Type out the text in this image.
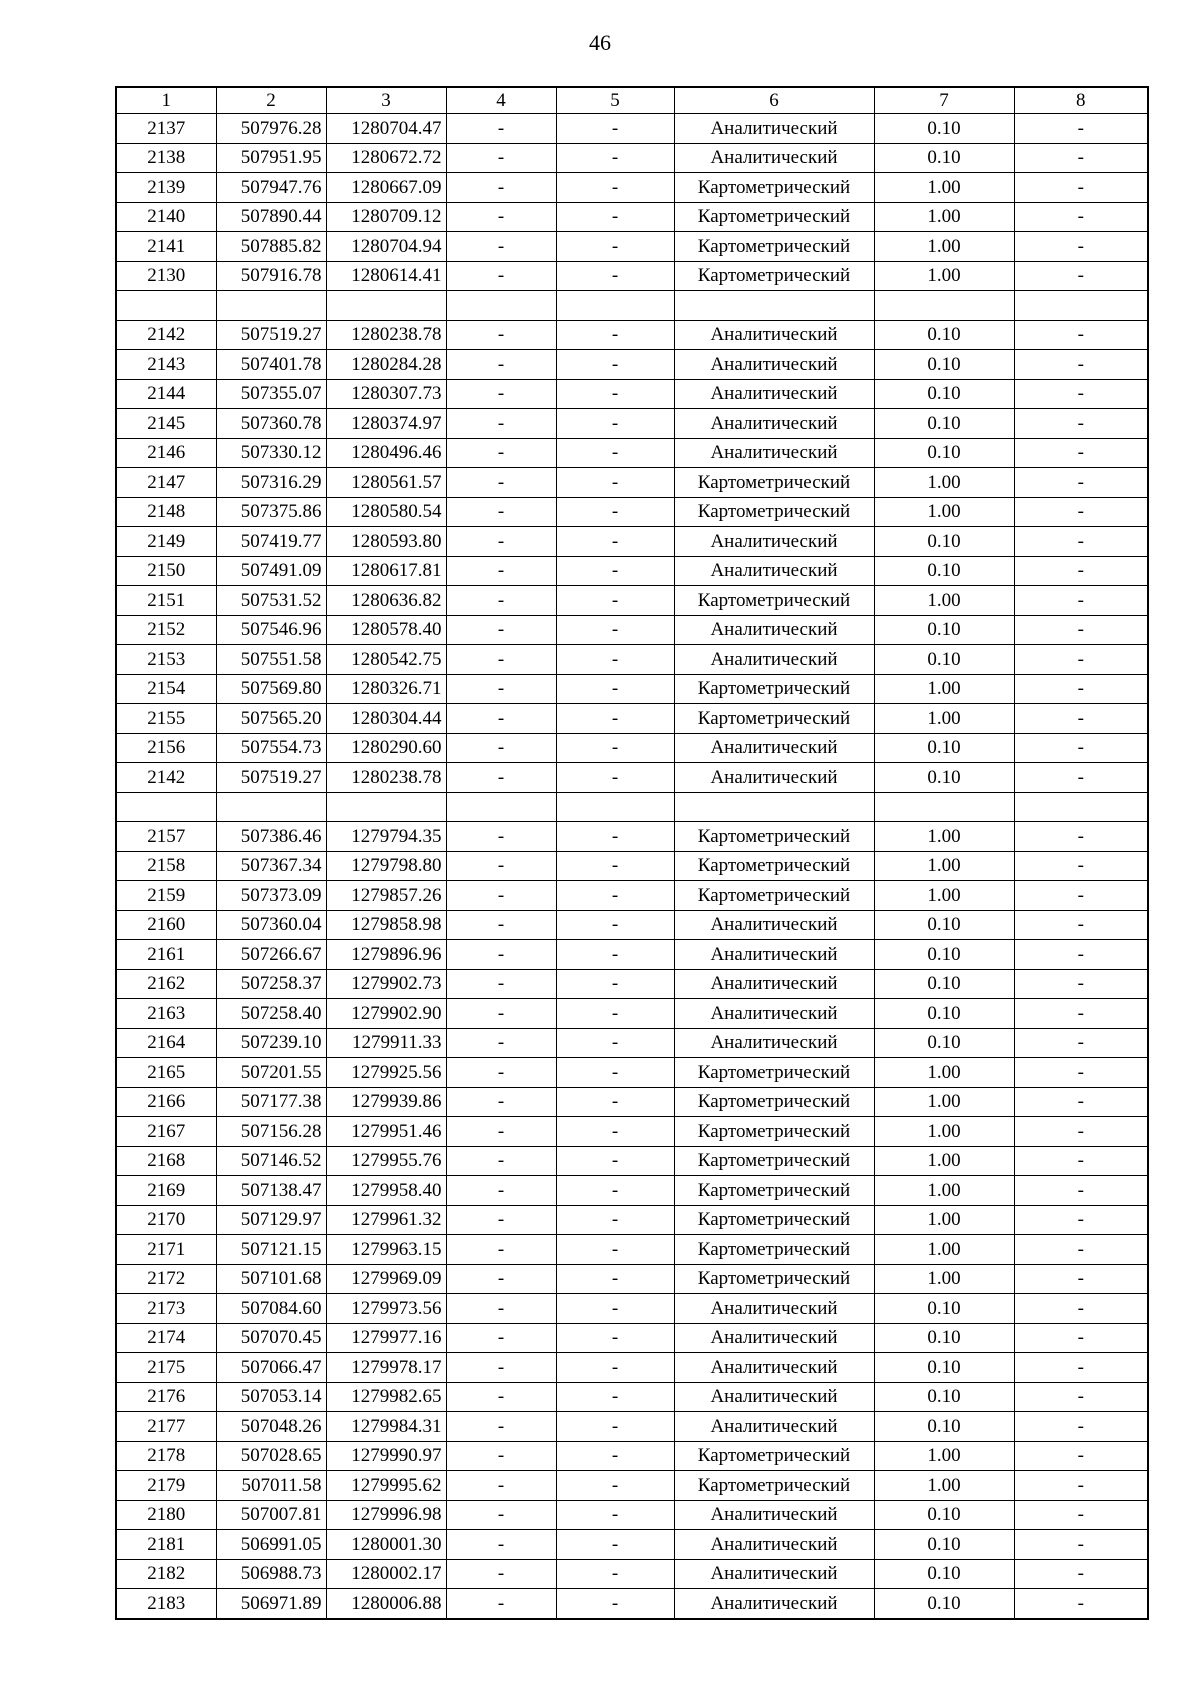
46
1	2	3	4	5	6	7	8
2137	507976.28	1280704.47	-	-	Аналитический	0.10	-
2138	507951.95	1280672.72	-	-	Аналитический	0.10	-
2139	507947.76	1280667.09	-	-	Картометрический	1.00	-
2140	507890.44	1280709.12	-	-	Картометрический	1.00	-
2141	507885.82	1280704.94	-	-	Картометрический	1.00	-
2130	507916.78	1280614.41	-	-	Картометрический	1.00	-

2142	507519.27	1280238.78	-	-	Аналитический	0.10	-
2143	507401.78	1280284.28	-	-	Аналитический	0.10	-
2144	507355.07	1280307.73	-	-	Аналитический	0.10	-
2145	507360.78	1280374.97	-	-	Аналитический	0.10	-
2146	507330.12	1280496.46	-	-	Аналитический	0.10	-
2147	507316.29	1280561.57	-	-	Картометрический	1.00	-
2148	507375.86	1280580.54	-	-	Картометрический	1.00	-
2149	507419.77	1280593.80	-	-	Аналитический	0.10	-
2150	507491.09	1280617.81	-	-	Аналитический	0.10	-
2151	507531.52	1280636.82	-	-	Картометрический	1.00	-
2152	507546.96	1280578.40	-	-	Аналитический	0.10	-
2153	507551.58	1280542.75	-	-	Аналитический	0.10	-
2154	507569.80	1280326.71	-	-	Картометрический	1.00	-
2155	507565.20	1280304.44	-	-	Картометрический	1.00	-
2156	507554.73	1280290.60	-	-	Аналитический	0.10	-
2142	507519.27	1280238.78	-	-	Аналитический	0.10	-

2157	507386.46	1279794.35	-	-	Картометрический	1.00	-
2158	507367.34	1279798.80	-	-	Картометрический	1.00	-
2159	507373.09	1279857.26	-	-	Картометрический	1.00	-
2160	507360.04	1279858.98	-	-	Аналитический	0.10	-
2161	507266.67	1279896.96	-	-	Аналитический	0.10	-
2162	507258.37	1279902.73	-	-	Аналитический	0.10	-
2163	507258.40	1279902.90	-	-	Аналитический	0.10	-
2164	507239.10	1279911.33	-	-	Аналитический	0.10	-
2165	507201.55	1279925.56	-	-	Картометрический	1.00	-
2166	507177.38	1279939.86	-	-	Картометрический	1.00	-
2167	507156.28	1279951.46	-	-	Картометрический	1.00	-
2168	507146.52	1279955.76	-	-	Картометрический	1.00	-
2169	507138.47	1279958.40	-	-	Картометрический	1.00	-
2170	507129.97	1279961.32	-	-	Картометрический	1.00	-
2171	507121.15	1279963.15	-	-	Картометрический	1.00	-
2172	507101.68	1279969.09	-	-	Картометрический	1.00	-
2173	507084.60	1279973.56	-	-	Аналитический	0.10	-
2174	507070.45	1279977.16	-	-	Аналитический	0.10	-
2175	507066.47	1279978.17	-	-	Аналитический	0.10	-
2176	507053.14	1279982.65	-	-	Аналитический	0.10	-
2177	507048.26	1279984.31	-	-	Аналитический	0.10	-
2178	507028.65	1279990.97	-	-	Картометрический	1.00	-
2179	507011.58	1279995.62	-	-	Картометрический	1.00	-
2180	507007.81	1279996.98	-	-	Аналитический	0.10	-
2181	506991.05	1280001.30	-	-	Аналитический	0.10	-
2182	506988.73	1280002.17	-	-	Аналитический	0.10	-
2183	506971.89	1280006.88	-	-	Аналитический	0.10	-
